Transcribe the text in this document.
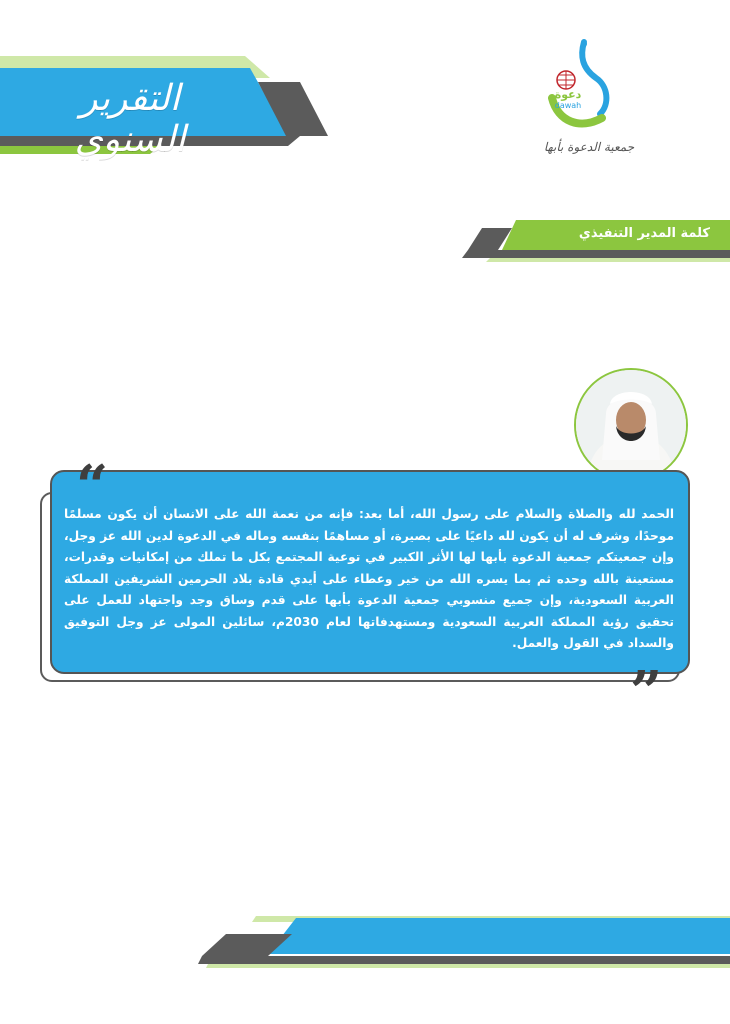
التقرير السنوي
دعوة
dawah
جمعية الدعوة بأبها
كلمة المدير التنفيذي
“
الحمد لله والصلاة والسلام على رسول الله، أما بعد: فإنه من نعمة الله على الانسان أن يكون مسلمًا موحدًا، وشرف له أن يكون لله داعيًا على بصيرة، أو مساهمًا بنفسه وماله في الدعوة لدين الله عز وجل، وإن جمعيتكم جمعية الدعوة بأبها لها الأثر الكبير في توعية المجتمع بكل ما تملك من إمكانيات وقدرات، مستعينة بالله وحده ثم بما يسره الله من خير وعطاء على أيدي قادة بلاد الحرمين الشريفين المملكة العربية السعودية، وإن جميع منسوبي جمعية الدعوة بأبها على قدم وساق وجد واجتهاد للعمل على تحقيق رؤية المملكة العربية السعودية ومستهدفاتها لعام 2030م، سائلين المولى عز وجل التوفيق والسداد في القول والعمل.
”
